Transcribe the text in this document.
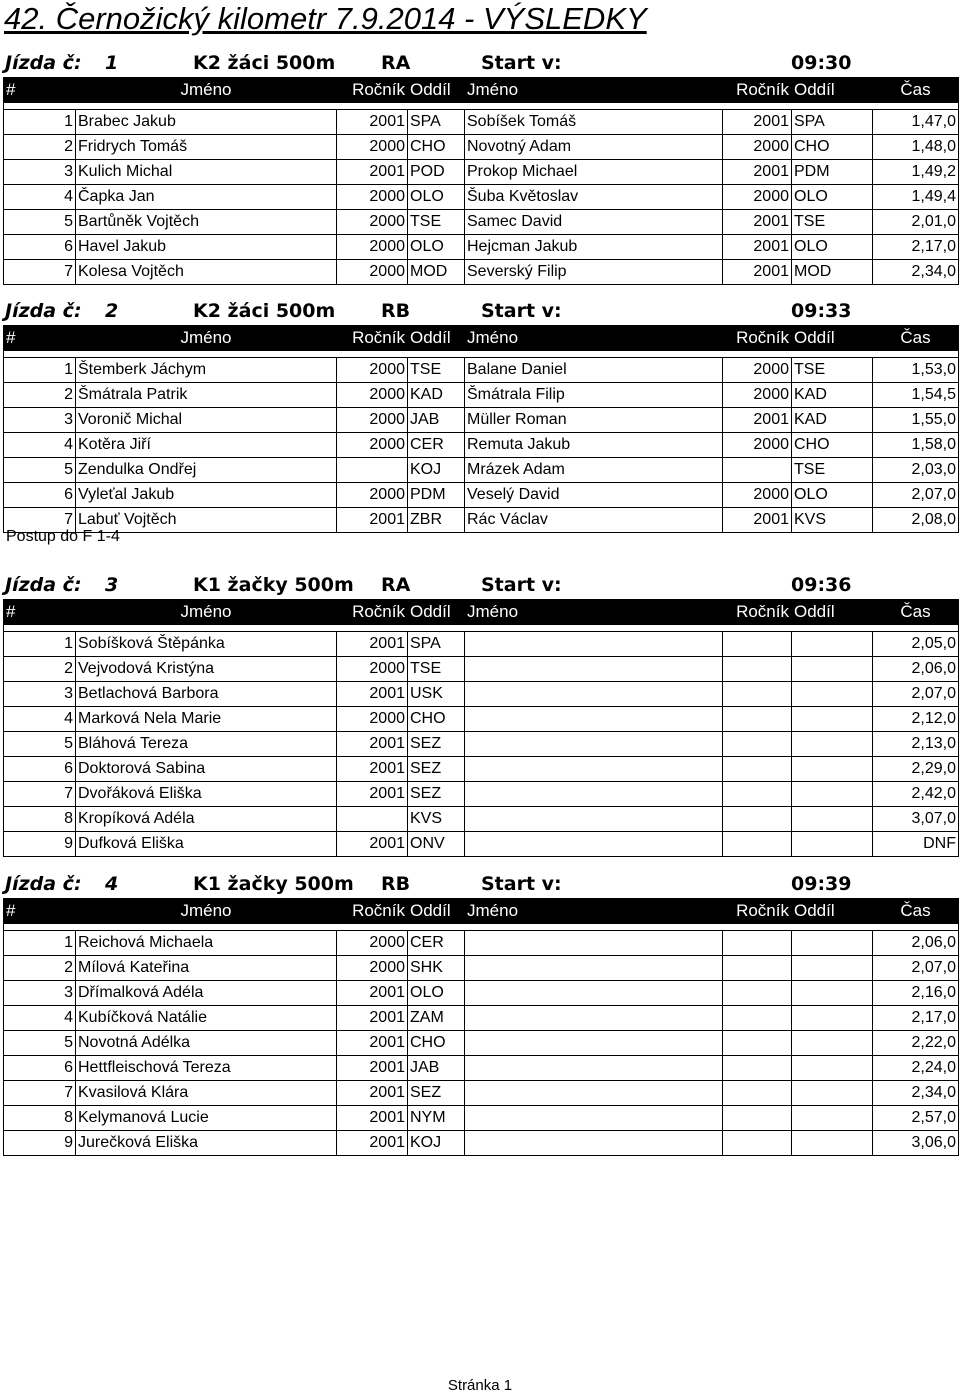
42. Černožický kilometr 7.9.2014 - VÝSLEDKY
Jízda č: 1	K2 žáci 500m RA	Start v:	09:30
#	Jméno	Ročník	Oddíl	Jméno	Ročník	Oddíl	Čas

1	Brabec Jakub	2001	SPA	Sobíšek Tomáš	2001	SPA	1,47,0
2	Fridrych Tomáš	2000	CHO	Novotný Adam	2000	CHO	1,48,0
3	Kulich Michal	2001	POD	Prokop Michael	2001	PDM	1,49,2
4	Čapka Jan	2000	OLO	Šuba Květoslav	2000	OLO	1,49,4
5	Bartůněk Vojtěch	2000	TSE	Samec David	2001	TSE	2,01,0
6	Havel Jakub	2000	OLO	Hejcman Jakub	2001	OLO	2,17,0
7	Kolesa Vojtěch	2000	MOD	Severský Filip	2001	MOD	2,34,0
Jízda č: 2	K2 žáci 500m RB	Start v:	09:33
#	Jméno	Ročník	Oddíl	Jméno	Ročník	Oddíl	Čas

1	Štemberk Jáchym	2000	TSE	Balane Daniel	2000	TSE	1,53,0
2	Šmátrala Patrik	2000	KAD	Šmátrala Filip	2000	KAD	1,54,5
3	Voronič Michal	2000	JAB	Müller Roman	2001	KAD	1,55,0
4	Kotěra Jiří	2000	CER	Remuta Jakub	2000	CHO	1,58,0
5	Zendulka Ondřej		KOJ	Mrázek Adam		TSE	2,03,0
6	Vyleťal Jakub	2000	PDM	Veselý David	2000	OLO	2,07,0
7	Labuť Vojtěch	2001	ZBR	Rác Václav	2001	KVS	2,08,0
Jízda č: 3	K1 žačky 500m RA	Start v:	09:36
#	Jméno	Ročník	Oddíl	Jméno	Ročník	Oddíl	Čas

1	Sobíšková Štěpánka	2001	SPA				2,05,0
2	Vejvodová Kristýna	2000	TSE				2,06,0
3	Betlachová Barbora	2001	USK				2,07,0
4	Marková Nela Marie	2000	CHO				2,12,0
5	Bláhová Tereza	2001	SEZ				2,13,0
6	Doktorová Sabina	2001	SEZ				2,29,0
7	Dvořáková Eliška	2001	SEZ				2,42,0
8	Kropíková Adéla		KVS				3,07,0
9	Dufková Eliška	2001	ONV				DNF
Jízda č: 4	K1 žačky 500m RB	Start v:	09:39
#	Jméno	Ročník	Oddíl	Jméno	Ročník	Oddíl	Čas

1	Reichová Michaela	2000	CER				2,06,0
2	Mílová Kateřina	2000	SHK				2,07,0
3	Dřímalková Adéla	2001	OLO				2,16,0
4	Kubíčková Natálie	2001	ZAM				2,17,0
5	Novotná Adélka	2001	CHO				2,22,0
6	Hettfleischová Tereza	2001	JAB				2,24,0
7	Kvasilová Klára	2001	SEZ				2,34,0
8	Kelymanová Lucie	2001	NYM				2,57,0
9	Jurečková Eliška	2001	KOJ				3,06,0
Postup do F 1-4
Stránka 1
